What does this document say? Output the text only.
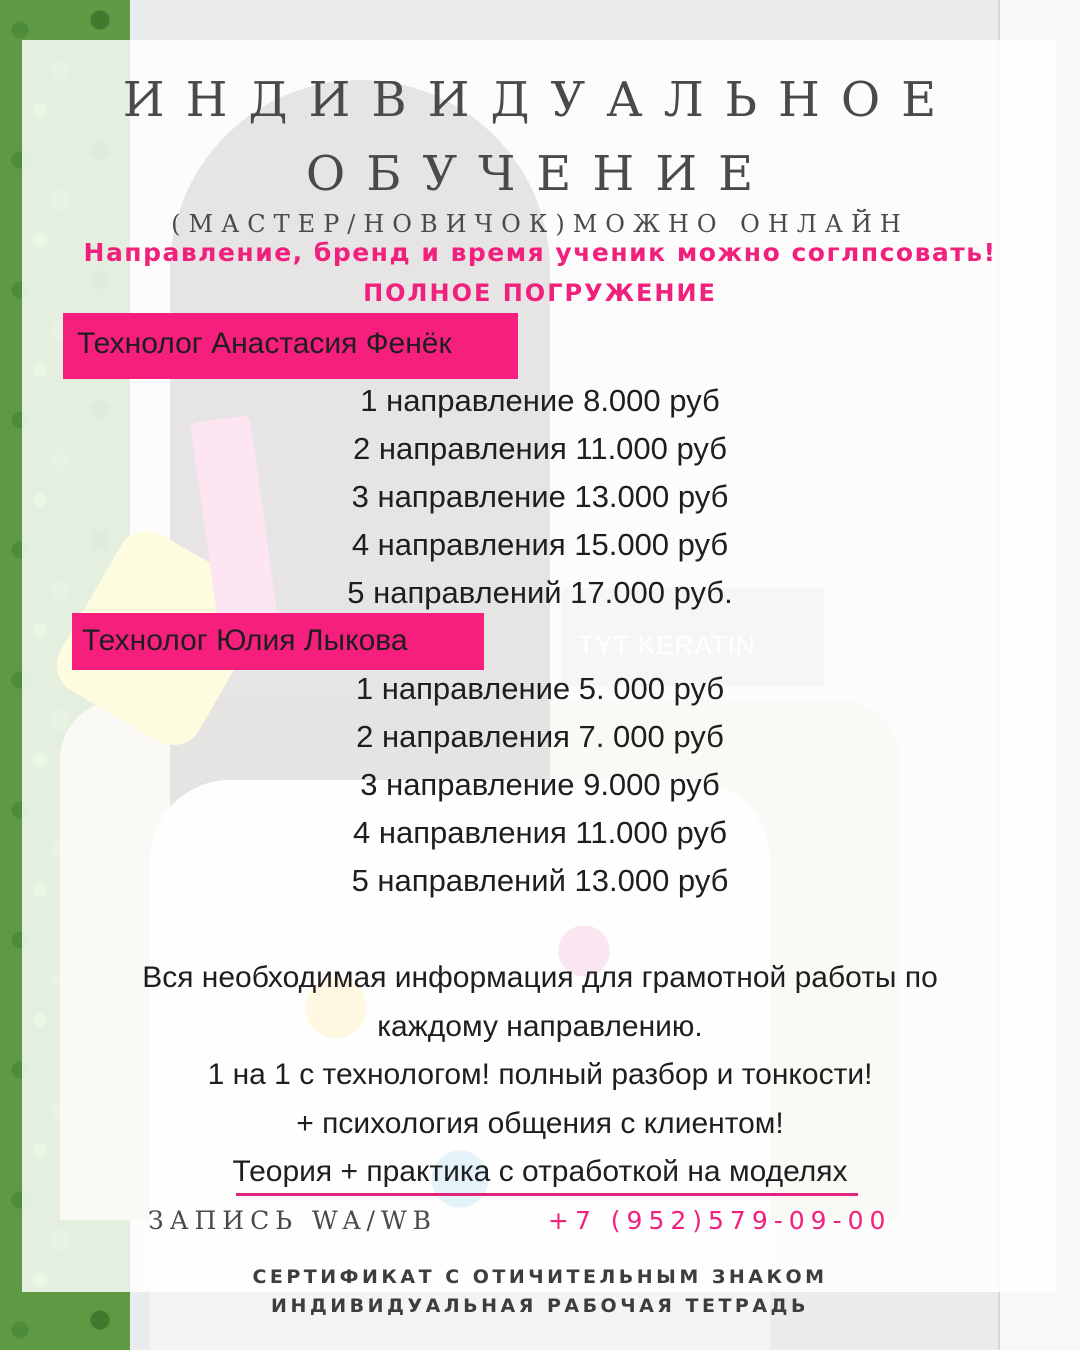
ИНДИВИДУАЛЬНОЕ
ОБУЧЕНИЕ
(МАСТЕР/НОВИЧОК)МОЖНО ОНЛАЙН
Направление, бренд и время ученик можно соглпсовать!
ПОЛНОЕ ПОГРУЖЕНИЕ
Технолог Анастасия Фенёк
1 направление 8.000 руб
2 направления 11.000 руб
3 направление 13.000 руб
4 направления 15.000 руб
5 направлений 17.000 руб.
Технолог Юлия Лыкова
1 направление 5. 000 руб
2 направления 7. 000 руб
3 направление 9.000 руб
4 направления 11.000 руб
5 направлений 13.000 руб

Вся необходимая информация для грамотной работы по

каждому направлению.

1 на 1 с технологом! полный разбор и тонкости!

+ психология общения с клиентом!

Теория + практика с отработкой на моделях

ЗАПИСЬ WA/WB	+7 (952)579-09-00
СЕРТИФИКАТ С ОТИЧИТЕЛЬНЫМ ЗНАКОМ
ИНДИВИДУАЛЬНАЯ РАБОЧАЯ ТЕТРАДЬ
